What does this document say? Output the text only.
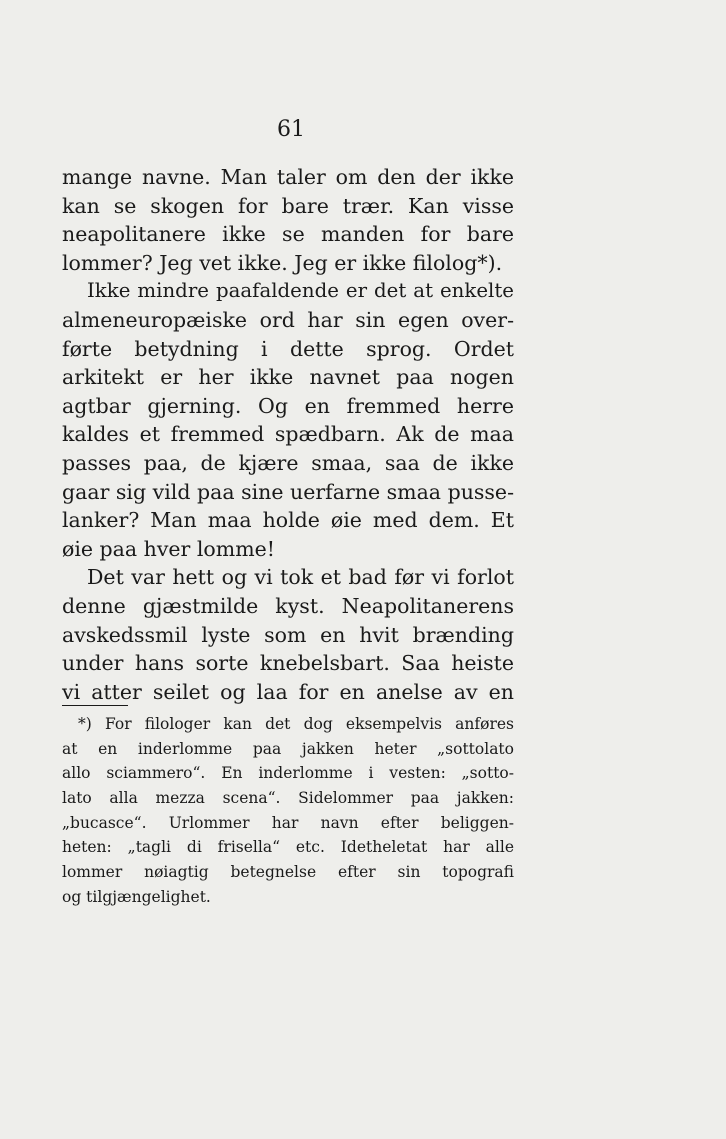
61
mange navne. Man taler om den der ikke
kan se skogen for bare trær. Kan visse
neapolitanere ikke se manden for bare
lommer? Jeg vet ikke. Jeg er ikke filolog*).
Ikke mindre paafaldende er det at enkelte
almeneuropæiske ord har sin egen over-
førte betydning i dette sprog. Ordet
arkitekt er her ikke navnet paa nogen
agtbar gjerning. Og en fremmed herre
kaldes et fremmed spædbarn. Ak de maa
passes paa, de kjære smaa, saa de ikke
gaar sig vild paa sine uerfarne smaa pusse-
lanker? Man maa holde øie med dem. Et
øie paa hver lomme!
Det var hett og vi tok et bad før vi forlot
denne gjæstmilde kyst. Neapolitanerens
avskedssmil lyste som en hvit brænding
under hans sorte knebelsbart. Saa heiste
vi atter seilet og laa for en anelse av en
*) For filologer kan det dog eksempelvis anføres
at en inderlomme paa jakken heter „sottolato
allo sciammero“. En inderlomme i vesten: „sotto-
lato alla mezza scena“. Sidelommer paa jakken:
„bucasce“. Urlommer har navn efter beliggen-
heten: „tagli di frisella“ etc. Idetheletat har alle
lommer nøiagtig betegnelse efter sin topografi
og tilgjængelighet.
